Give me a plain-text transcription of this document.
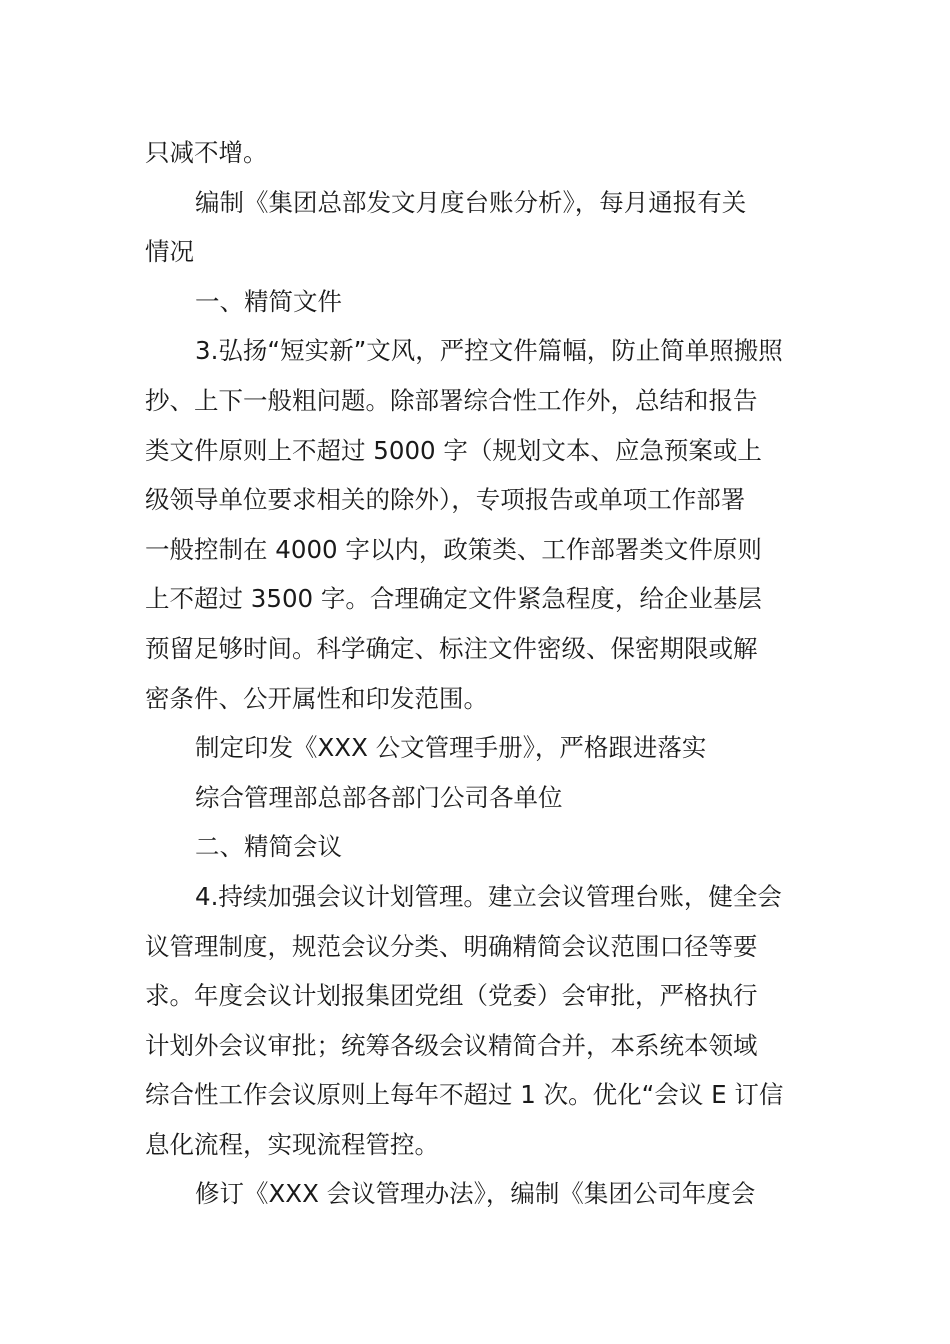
只减不增。

编制《集团总部发文月度台账分析》，每月通报有关

情况

一、精简文件

3.弘扬“短实新”文风，严控文件篇幅，防止简单照搬照

抄、上下一般粗问题。除部署综合性工作外，总结和报告

类文件原则上不超过 5000 字（规划文本、应急预案或上

级领导单位要求相关的除外），专项报告或单项工作部署

一般控制在 4000 字以内，政策类、工作部署类文件原则

上不超过 3500 字。合理确定文件紧急程度，给企业基层

预留足够时间。科学确定、标注文件密级、保密期限或解

密条件、公开属性和印发范围。

制定印发《XXX 公文管理手册》，严格跟进落实

综合管理部总部各部门公司各单位

二、精简会议

4.持续加强会议计划管理。建立会议管理台账，健全会

议管理制度，规范会议分类、明确精简会议范围口径等要

求。年度会议计划报集团党组（党委）会审批，严格执行

计划外会议审批；统筹各级会议精简合并，本系统本领域

综合性工作会议原则上每年不超过 1 次。优化“会议 E 订信

息化流程，实现流程管控。

修订《XXX 会议管理办法》，编制《集团公司年度会
